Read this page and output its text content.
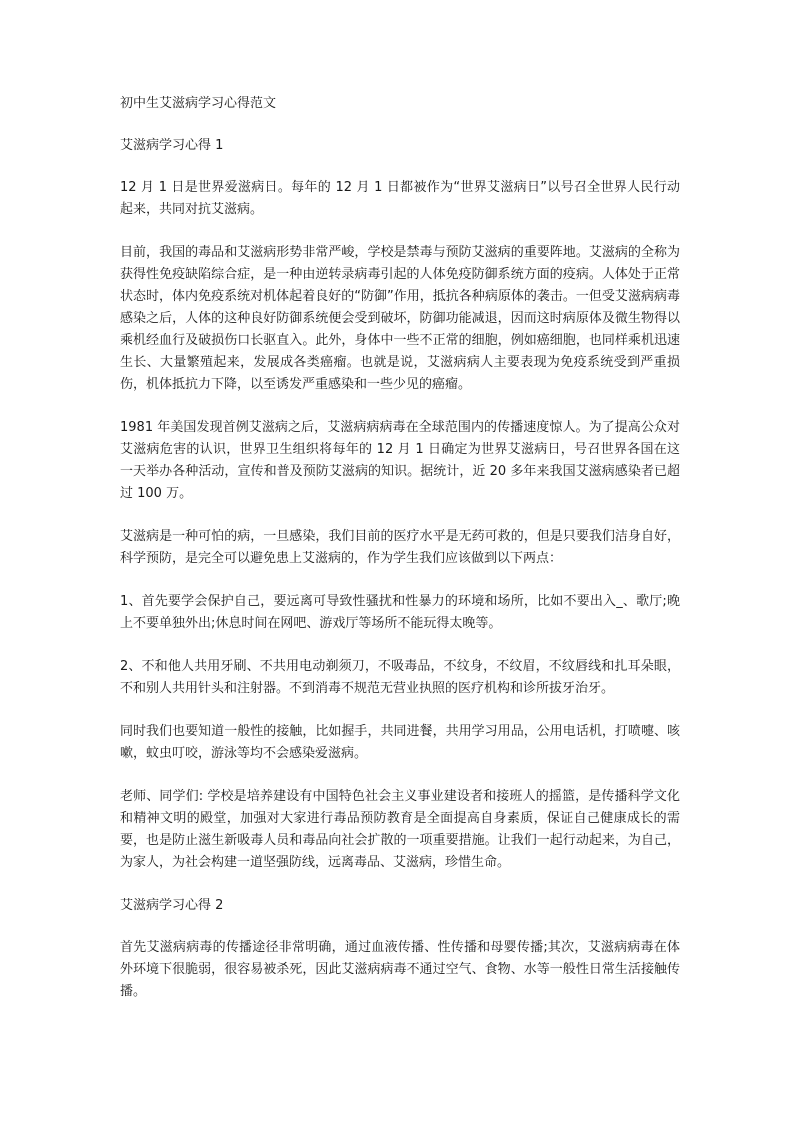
初中生艾滋病学习心得范文

艾滋病学习心得 1

12 月 1 日是世界爱滋病日。每年的 12 月 1 日都被作为“世界艾滋病日”以号召全世界人民行动起来，共同对抗艾滋病。

目前，我国的毒品和艾滋病形势非常严峻，学校是禁毒与预防艾滋病的重要阵地。艾滋病的全称为获得性免疫缺陷综合症，是一种由逆转录病毒引起的人体免疫防御系统方面的疫病。人体处于正常状态时，体内免疫系统对机体起着良好的“防御”作用，抵抗各种病原体的袭击。一但受艾滋病病毒感染之后，人体的这种良好防御系统便会受到破坏，防御功能减退，因而这时病原体及微生物得以乘机经血行及破损伤口长驱直入。此外，身体中一些不正常的细胞，例如癌细胞，也同样乘机迅速生长、大量繁殖起来，发展成各类癌瘤。也就是说，艾滋病病人主要表现为免疫系统受到严重损伤，机体抵抗力下降，以至诱发严重感染和一些少见的癌瘤。

1981 年美国发现首例艾滋病之后，艾滋病病病毒在全球范围内的传播速度惊人。为了提高公众对艾滋病危害的认识，世界卫生组织将每年的 12 月 1 日确定为世界艾滋病日，号召世界各国在这一天举办各种活动，宣传和普及预防艾滋病的知识。据统计，近 20 多年来我国艾滋病感染者已超过 100 万。

艾滋病是一种可怕的病，一旦感染，我们目前的医疗水平是无药可救的，但是只要我们洁身自好，科学预防，是完全可以避免患上艾滋病的，作为学生我们应该做到以下两点：

1、首先要学会保护自己，要远离可导致性骚扰和性暴力的环境和场所，比如不要出入_、歌厅;晚上不要单独外出;休息时间在网吧、游戏厅等场所不能玩得太晚等。

2、不和他人共用牙刷、不共用电动剃须刀，不吸毒品，不纹身，不纹眉，不纹唇线和扎耳朵眼，不和别人共用针头和注射器。不到消毒不规范无营业执照的医疗机构和诊所拔牙治牙。

同时我们也要知道一般性的接触，比如握手，共同进餐，共用学习用品，公用电话机，打喷嚏、咳嗽，蚊虫叮咬，游泳等均不会感染爱滋病。

老师、同学们: 学校是培养建设有中国特色社会主义事业建设者和接班人的摇篮，是传播科学文化和精神文明的殿堂，加强对大家进行毒品预防教育是全面提高自身素质，保证自己健康成长的需要，也是防止滋生新吸毒人员和毒品向社会扩散的一项重要措施。让我们一起行动起来，为自己，为家人，为社会构建一道坚强防线，远离毒品、艾滋病，珍惜生命。

艾滋病学习心得 2

首先艾滋病病毒的传播途径非常明确，通过血液传播、性传播和母婴传播;其次，艾滋病病毒在体外环境下很脆弱，很容易被杀死，因此艾滋病病毒不通过空气、食物、水等一般性日常生活接触传播。
